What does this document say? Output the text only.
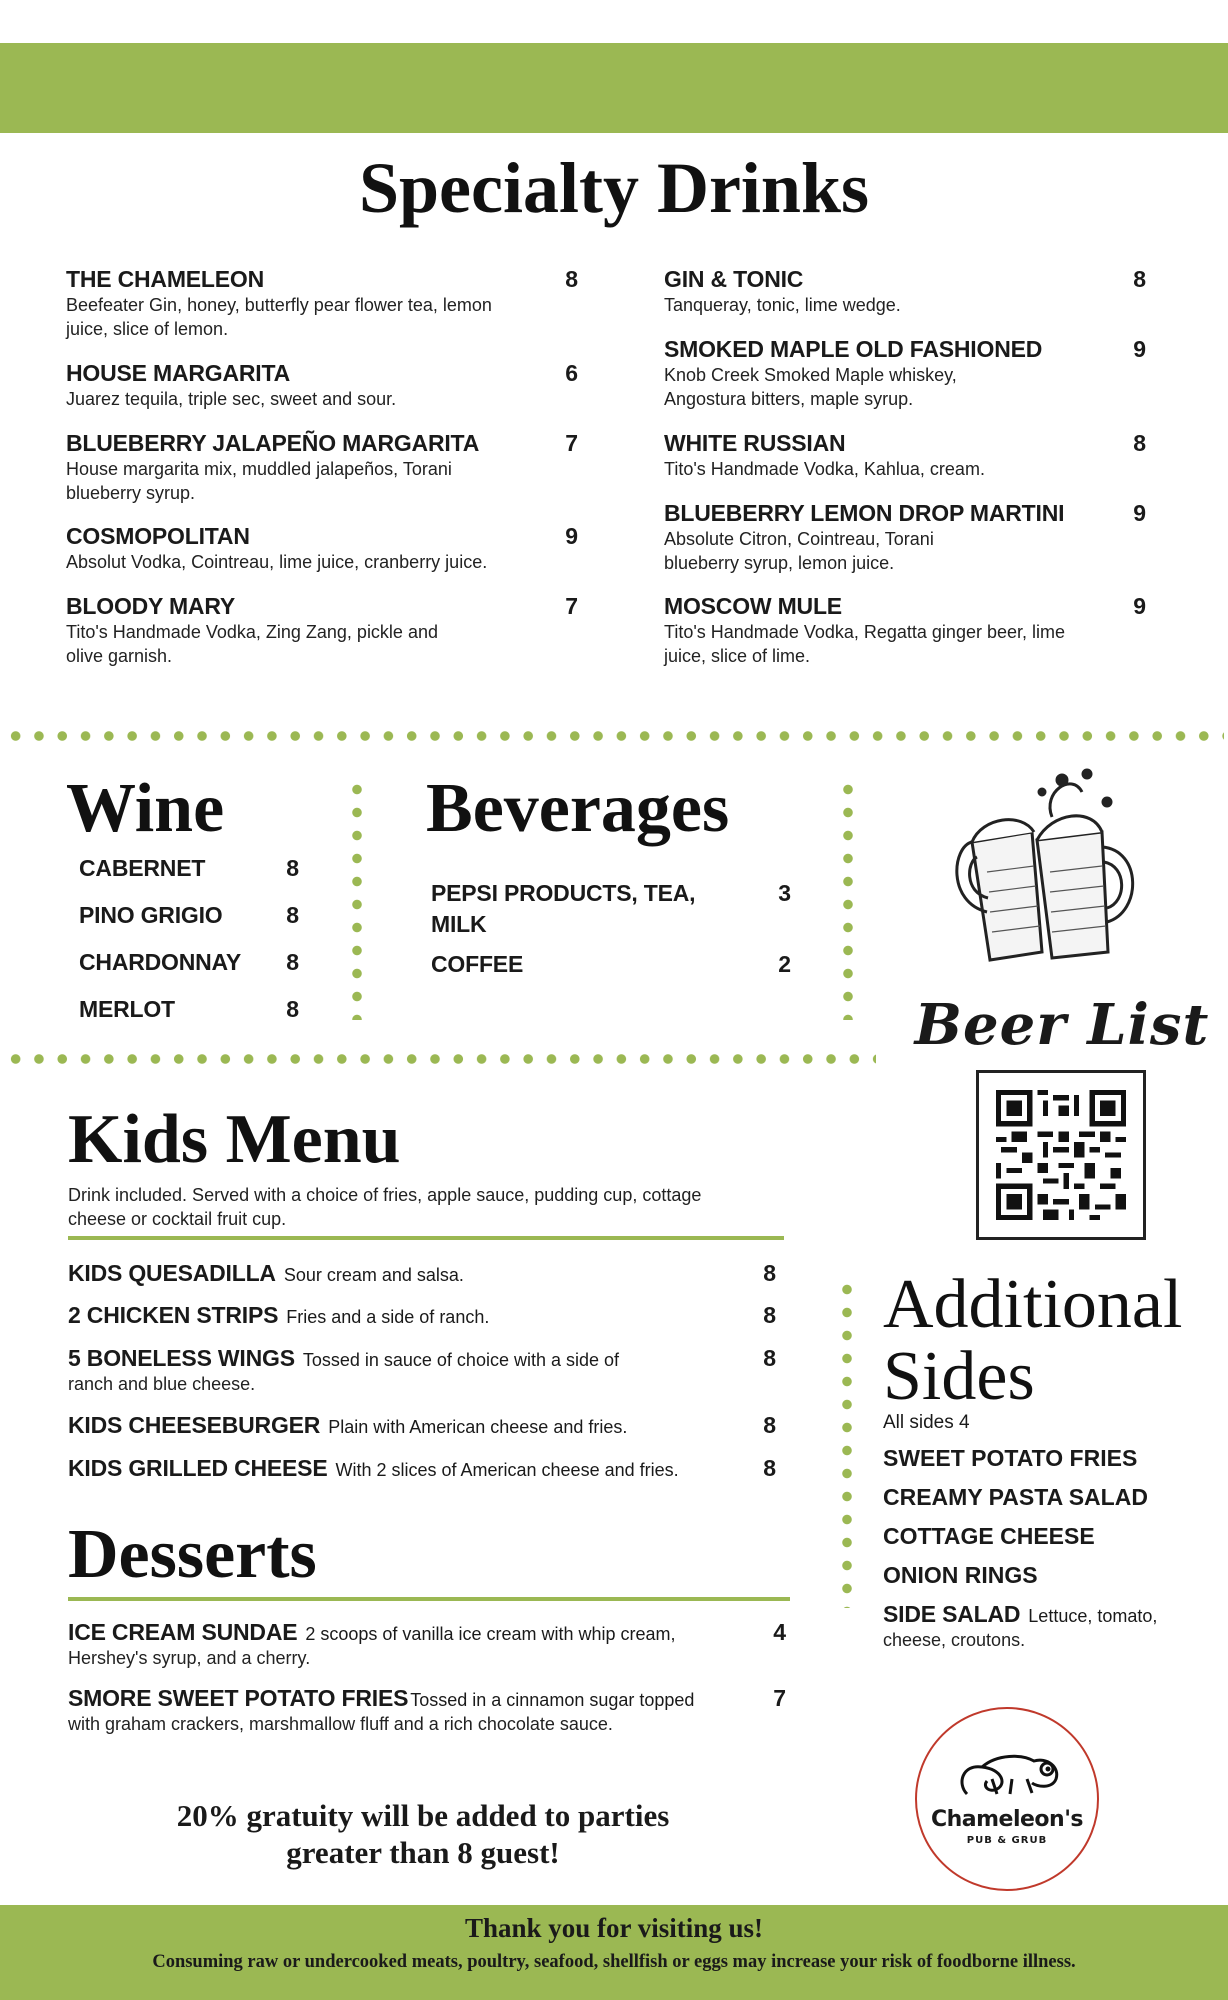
Specialty Drinks
THE CHAMELEON	8
Beefeater Gin, honey, butterfly pear flower tea, lemon juice, slice of lemon.
HOUSE MARGARITA	6
Juarez tequila, triple sec, sweet and sour.
BLUEBERRY JALAPEÑO MARGARITA	7
House margarita mix, muddled jalapeños, Torani blueberry syrup.
COSMOPOLITAN	9
Absolut Vodka, Cointreau, lime juice, cranberry juice.
BLOODY MARY	7
Tito's Handmade Vodka, Zing Zang, pickle and olive garnish.
GIN & TONIC	8
Tanqueray, tonic, lime wedge.
SMOKED MAPLE OLD FASHIONED	9
Knob Creek Smoked Maple whiskey, Angostura bitters, maple syrup.
WHITE RUSSIAN	8
Tito's Handmade Vodka, Kahlua, cream.
BLUEBERRY LEMON DROP MARTINI	9
Absolute Citron, Cointreau, Torani blueberry syrup, lemon juice.
MOSCOW MULE	9
Tito's Handmade Vodka, Regatta ginger beer, lime juice, slice of lime.
Wine
CABERNET	8
PINO GRIGIO	8
CHARDONNAY 8
MERLOT	8
Beverages
PEPSI PRODUCTS, TEA,
MILK
3
COFFEE	2
Beer List
Kids Menu
Drink included. Served with a choice of fries, apple sauce, pudding cup, cottage cheese or cocktail fruit cup.
KIDS QUESADILLA Sour cream and salsa.	8
2 CHICKEN STRIPS Fries and a side of ranch.	8
5 BONELESS WINGS Tossed in sauce of choice with a side of
ranch and blue cheese.
8
KIDS CHEESEBURGER Plain with American cheese and fries.	8
KIDS GRILLED CHEESE With 2 slices of American cheese and fries.	8
Desserts
ICE CREAM SUNDAE 2 scoops of vanilla ice cream with whip cream,
Hershey's syrup, and a cherry.
4
SMORE SWEET POTATO FRIES Tossed in a cinnamon sugar topped
with graham crackers, marshmallow fluff and a rich chocolate sauce.
7
20% gratuity will be added to parties
greater than 8 guest!
Additional
Sides
All sides 4
SWEET POTATO FRIES
CREAMY PASTA SALAD
COTTAGE CHEESE
ONION RINGS
SIDE SALAD Lettuce, tomato,
cheese, croutons.
Chameleon's
PUB & GRUB
Thank you for visiting us!
Consuming raw or undercooked meats, poultry, seafood, shellfish or eggs may increase your risk of foodborne illness.
